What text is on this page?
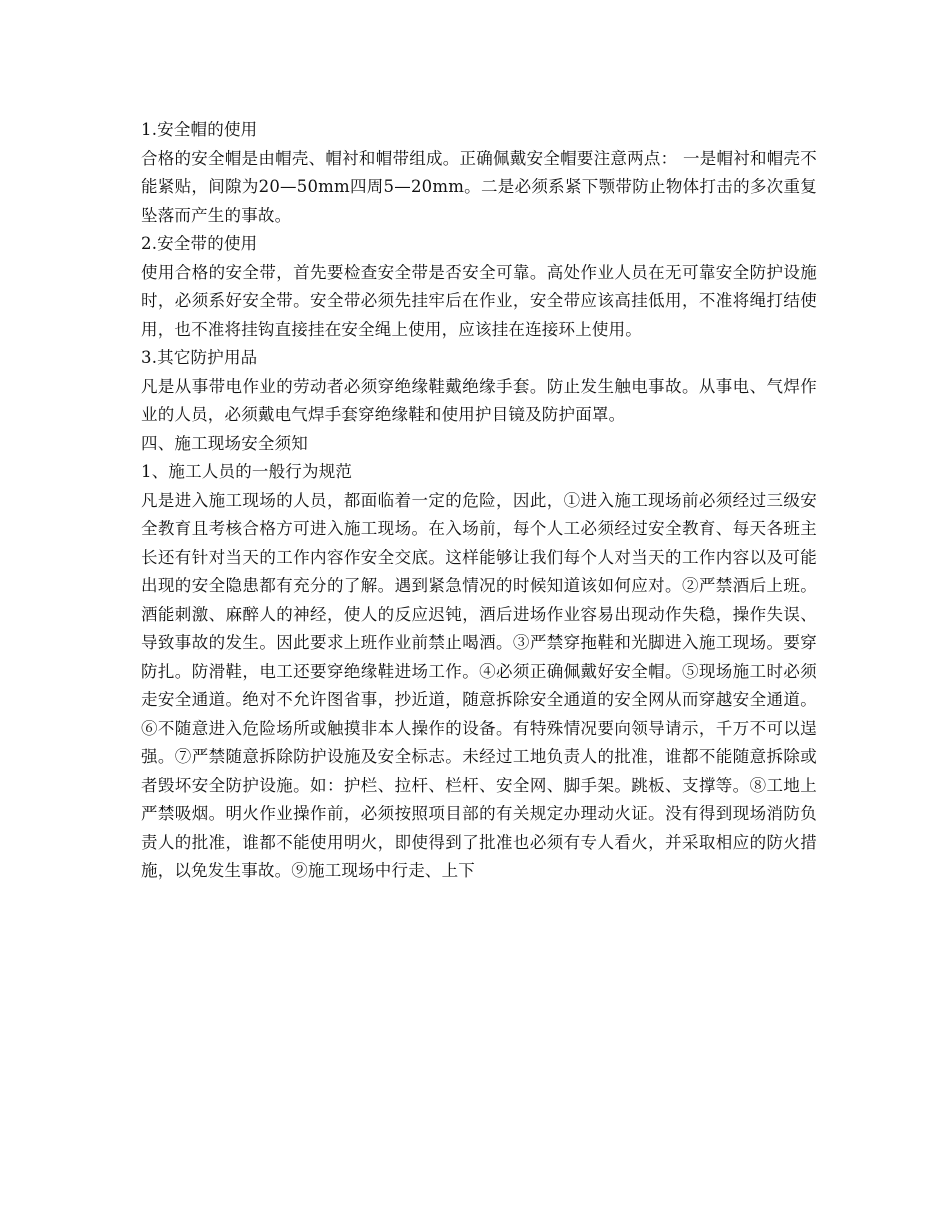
1.安全帽的使用

合格的安全帽是由帽壳、帽衬和帽带组成。正确佩戴安全帽要注意两点： 一是帽衬和帽壳不能紧贴，间隙为20—50mm四周5—20mm。二是必须系紧下颚带防止物体打击的多次重复坠落而产生的事故。

2.安全带的使用

使用合格的安全带，首先要检查安全带是否安全可靠。高处作业人员在无可靠安全防护设施时，必须系好安全带。安全带必须先挂牢后在作业，安全带应该高挂低用，不准将绳打结使用，也不准将挂钩直接挂在安全绳上使用，应该挂在连接环上使用。

3.其它防护用品

凡是从事带电作业的劳动者必须穿绝缘鞋戴绝缘手套。防止发生触电事故。从事电、气焊作业的人员，必须戴电气焊手套穿绝缘鞋和使用护目镜及防护面罩。

四、施工现场安全须知

1、施工人员的一般行为规范

凡是进入施工现场的人员，都面临着一定的危险，因此，①进入施工现场前必须经过三级安全教育且考核合格方可进入施工现场。在入场前，每个人工必须经过安全教育、每天各班主长还有针对当天的工作内容作安全交底。这样能够让我们每个人对当天的工作内容以及可能出现的安全隐患都有充分的了解。遇到紧急情况的时候知道该如何应对。②严禁酒后上班。酒能刺激、麻醉人的神经，使人的反应迟钝，酒后进场作业容易出现动作失稳，操作失误、导致事故的发生。因此要求上班作业前禁止喝酒。③严禁穿拖鞋和光脚进入施工现场。要穿防扎。防滑鞋，电工还要穿绝缘鞋进场工作。④必须正确佩戴好安全帽。⑤现场施工时必须走安全通道。绝对不允许图省事，抄近道，随意拆除安全通道的安全网从而穿越安全通道。⑥不随意进入危险场所或触摸非本人操作的设备。有特殊情况要向领导请示，千万不可以逞强。⑦严禁随意拆除防护设施及安全标志。未经过工地负责人的批准，谁都不能随意拆除或者毁坏安全防护设施。如：护栏、拉杆、栏杆、安全网、脚手架。跳板、支撑等。⑧工地上严禁吸烟。明火作业操作前，必须按照项目部的有关规定办理动火证。没有得到现场消防负责人的批准，谁都不能使用明火，即使得到了批准也必须有专人看火，并采取相应的防火措施，以免发生事故。⑨施工现场中行走、上下
